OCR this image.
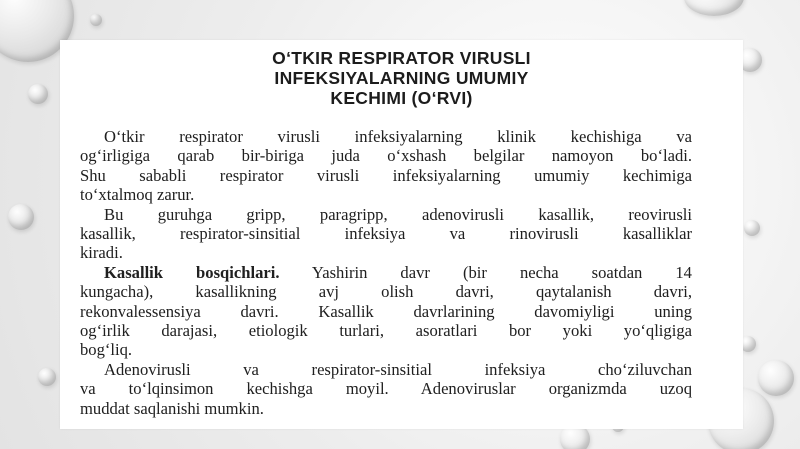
O‘TKIR RESPIRATOR VIRUSLI
INFEKSIYALARNING UMUMIY
KECHIMI (O‘RVI)
O‘tkir respirator virusli infeksiyalarning klinik kechishiga va
og‘irligiga qarab bir-biriga juda o‘xshash belgilar namoyon bo‘ladi.
Shu sababli respirator virusli infeksiyalarning umumiy kechimiga
to‘xtalmoq zarur.
Bu guruhga gripp, paragripp, adenovirusli kasallik, reovirusli
kasallik, respirator-sinsitial infeksiya va rinovirusli kasalliklar
kiradi.
Kasallik bosqichlari. Yashirin davr (bir necha soatdan 14
kungacha), kasallikning avj olish davri, qaytalanish davri,
rekonvalessensiya davri. Kasallik davrlarining davomiyligi uning
og‘irlik darajasi, etiologik turlari, asoratlari bor yoki yo‘qligiga
bog‘liq.
Adenovirusli va respirator-sinsitial infeksiya cho‘ziluvchan
va to‘lqinsimon kechishga moyil. Adenoviruslar organizmda uzoq
muddat saqlanishi mumkin.
